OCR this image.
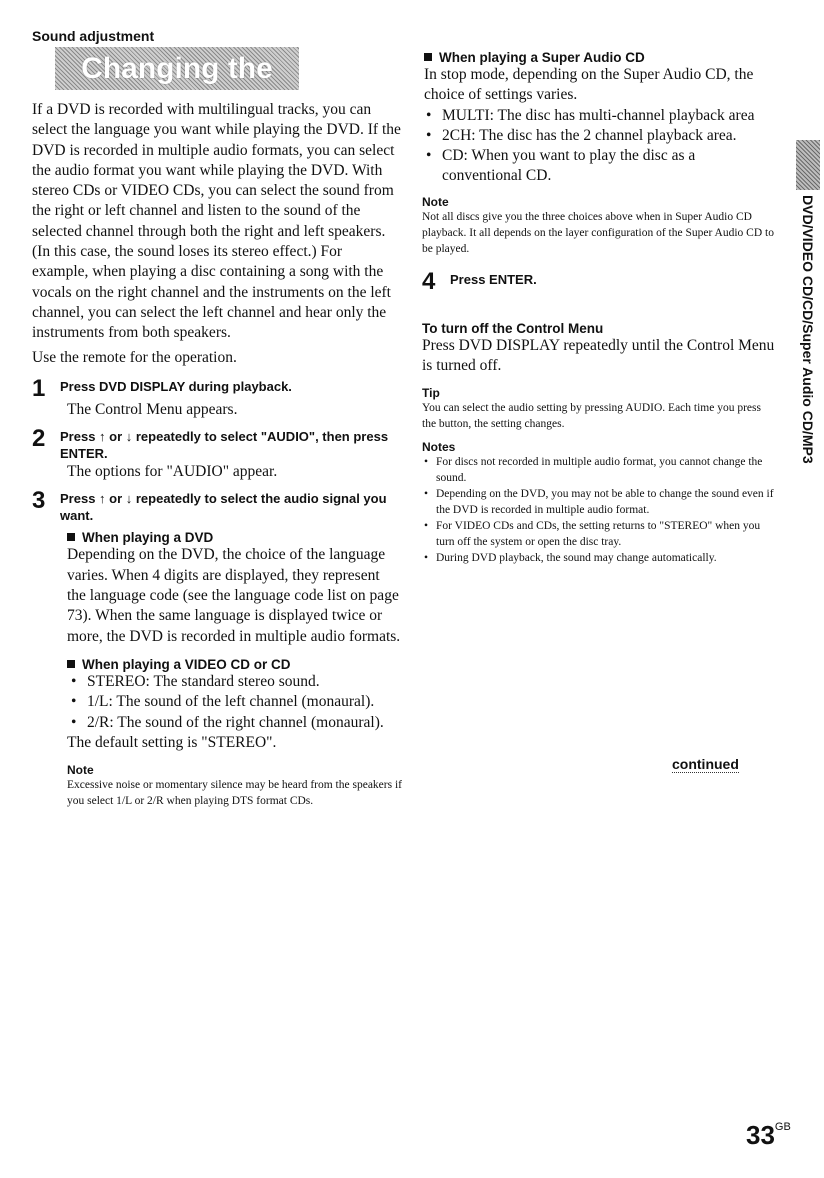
Sound adjustment
Changing the

If a DVD is recorded with multilingual tracks, you can select the language you want while playing the DVD. If the DVD is recorded in multiple audio formats, you can select the audio format you want while playing the DVD. With stereo CDs or VIDEO CDs, you can select the sound from the right or left channel and listen to the sound of the selected channel through both the right and left speakers. (In this case, the sound loses its stereo effect.) For example, when playing a disc containing a song with the vocals on the right channel and the instruments on the left channel, you can select the left channel and hear only the instruments from both speakers.

Use the remote for the operation.

1	Press DVD DISPLAY during playback.

The Control Menu appears.

2	Press ↑ or ↓ repeatedly to select "AUDIO", then press ENTER.

The options for "AUDIO" appear.

3	Press ↑ or ↓ repeatedly to select the audio signal you want.
When playing a DVD

Depending on the DVD, the choice of the language varies. When 4 digits are displayed, they represent the language code (see the language code list on page 73). When the same language is displayed twice or more, the DVD is recorded in multiple audio formats.

When playing a VIDEO CD or CD
• STEREO: The standard stereo sound.
• 1/L: The sound of the left channel (monaural).
• 2/R: The sound of the right channel (monaural).

The default setting is "STEREO".

Note

Excessive noise or momentary silence may be heard from the speakers if you select 1/L or 2/R when playing DTS format CDs.

When playing a Super Audio CD

In stop mode, depending on the Super Audio CD, the choice of settings varies.

• MULTI: The disc has multi-channel playback area
• 2CH: The disc has the 2 channel playback area.
• CD: When you want to play the disc as a conventional CD.
Note

Not all discs give you the three choices above when in Super Audio CD playback. It all depends on the layer configuration of the Super Audio CD to be played.

4	Press ENTER.
To turn off the Control Menu

Press DVD DISPLAY repeatedly until the Control Menu is turned off.

Tip

You can select the audio setting by pressing AUDIO. Each time you press the button, the setting changes.

Notes
• For discs not recorded in multiple audio format, you cannot change the sound.
• Depending on the DVD, you may not be able to change the sound even if the DVD is recorded in multiple audio format.
• For VIDEO CDs and CDs, the setting returns to "STEREO" when you turn off the system or open the disc tray.
• During DVD playback, the sound may change automatically.
continued
DVD/VIDEO CD/CD/Super Audio CD/MP3
$33^{GB}$
